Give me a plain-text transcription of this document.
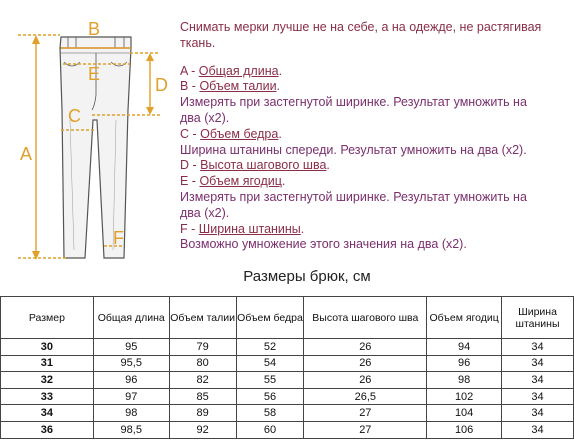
A
B
C
D
E
F
Снимать мерки лучше не на себе, а на одежде, не растягивая
ткань.
A - Общая длина.
B - Объем талии.
Измерять при застегнутой ширинке. Результат умножить на
два (х2).
C - Объем бедра.
Ширина штанины спереди. Результат умножить на два (х2).
D - Высота шагового шва.
E - Объем ягодиц.
Измерять при застегнутой ширинке. Результат умножить на
два (х2).
F - Ширина штанины.
Возможно умножение этого значения на два (х2).
Размеры брюк, см
Размер	Общая длина	Объем талии	Объем бедра	Высота шагового шва	Объем ягодиц	Ширина штанины
30	95	79	52	26	94	34
31	95,5	80	54	26	96	34
32	96	82	55	26	98	34
33	97	85	56	26,5	102	34
34	98	89	58	27	104	34
36	98,5	92	60	27	106	34
